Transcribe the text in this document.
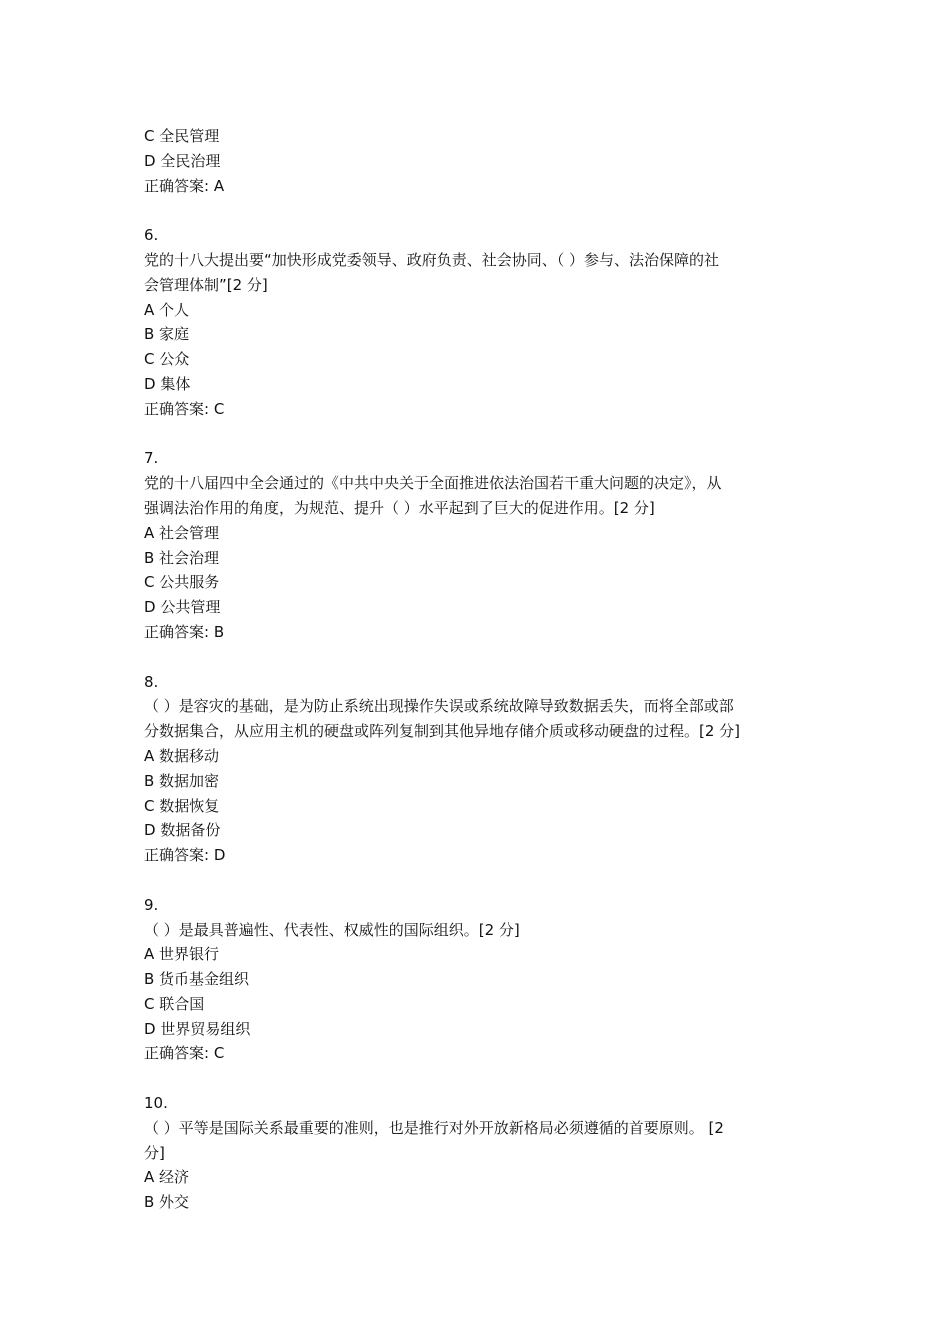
C 全民管理
D 全民治理
正确答案: A
6.
党的十八大提出要“加快形成党委领导、政府负责、社会协同、（ ）参与、法治保障的社
会管理体制”[2 分]
A 个人
B 家庭
C 公众
D 集体
正确答案: C
7.
党的十八届四中全会通过的《中共中央关于全面推进依法治国若干重大问题的决定》，从
强调法治作用的角度，为规范、提升（ ）水平起到了巨大的促进作用。[2 分]
A 社会管理
B 社会治理
C 公共服务
D 公共管理
正确答案: B
8.
（ ）是容灾的基础，是为防止系统出现操作失误或系统故障导致数据丢失，而将全部或部
分数据集合，从应用主机的硬盘或阵列复制到其他异地存储介质或移动硬盘的过程。[2 分]
A 数据移动
B 数据加密
C 数据恢复
D 数据备份
正确答案: D
9.
（ ）是最具普遍性、代表性、权威性的国际组织。[2 分]
A 世界银行
B 货币基金组织
C 联合国
D 世界贸易组织
正确答案: C
10.
（ ）平等是国际关系最重要的准则，也是推行对外开放新格局必须遵循的首要原则。 [2
分]
A 经济
B 外交
